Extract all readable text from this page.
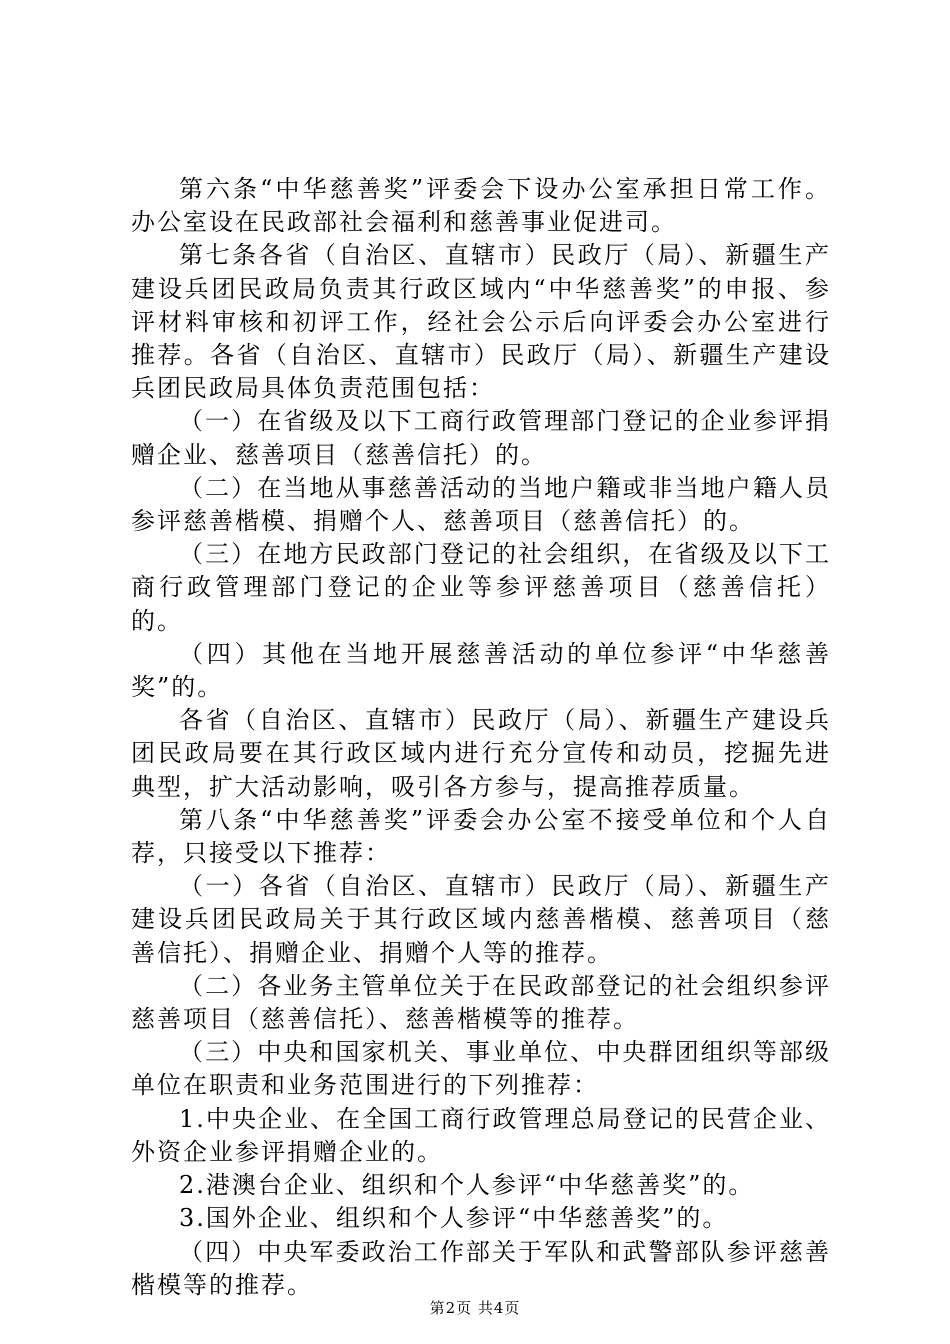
第六条“中华慈善奖”评委会下设办公室承担日常工作。办公室设在民政部社会福利和慈善事业促进司。

第七条各省（自治区、直辖市）民政厅（局）、新疆生产建设兵团民政局负责其行政区域内“中华慈善奖”的申报、参评材料审核和初评工作，经社会公示后向评委会办公室进行推荐。各省（自治区、直辖市）民政厅（局）、新疆生产建设兵团民政局具体负责范围包括：

（一）在省级及以下工商行政管理部门登记的企业参评捐赠企业、慈善项目（慈善信托）的。

（二）在当地从事慈善活动的当地户籍或非当地户籍人员参评慈善楷模、捐赠个人、慈善项目（慈善信托）的。

（三）在地方民政部门登记的社会组织，在省级及以下工商行政管理部门登记的企业等参评慈善项目（慈善信托）的。

（四）其他在当地开展慈善活动的单位参评“中华慈善奖”的。

各省（自治区、直辖市）民政厅（局）、新疆生产建设兵团民政局要在其行政区域内进行充分宣传和动员，挖掘先进典型，扩大活动影响，吸引各方参与，提高推荐质量。

第八条“中华慈善奖”评委会办公室不接受单位和个人自荐，只接受以下推荐：

（一）各省（自治区、直辖市）民政厅（局）、新疆生产建设兵团民政局关于其行政区域内慈善楷模、慈善项目（慈善信托）、捐赠企业、捐赠个人等的推荐。

（二）各业务主管单位关于在民政部登记的社会组织参评慈善项目（慈善信托）、慈善楷模等的推荐。

（三）中央和国家机关、事业单位、中央群团组织等部级单位在职责和业务范围进行的下列推荐：

1.中央企业、在全国工商行政管理总局登记的民营企业、外资企业参评捐赠企业的。

2.港澳台企业、组织和个人参评“中华慈善奖”的。

3.国外企业、组织和个人参评“中华慈善奖”的。

（四）中央军委政治工作部关于军队和武警部队参评慈善楷模等的推荐。

第2页 共4页
